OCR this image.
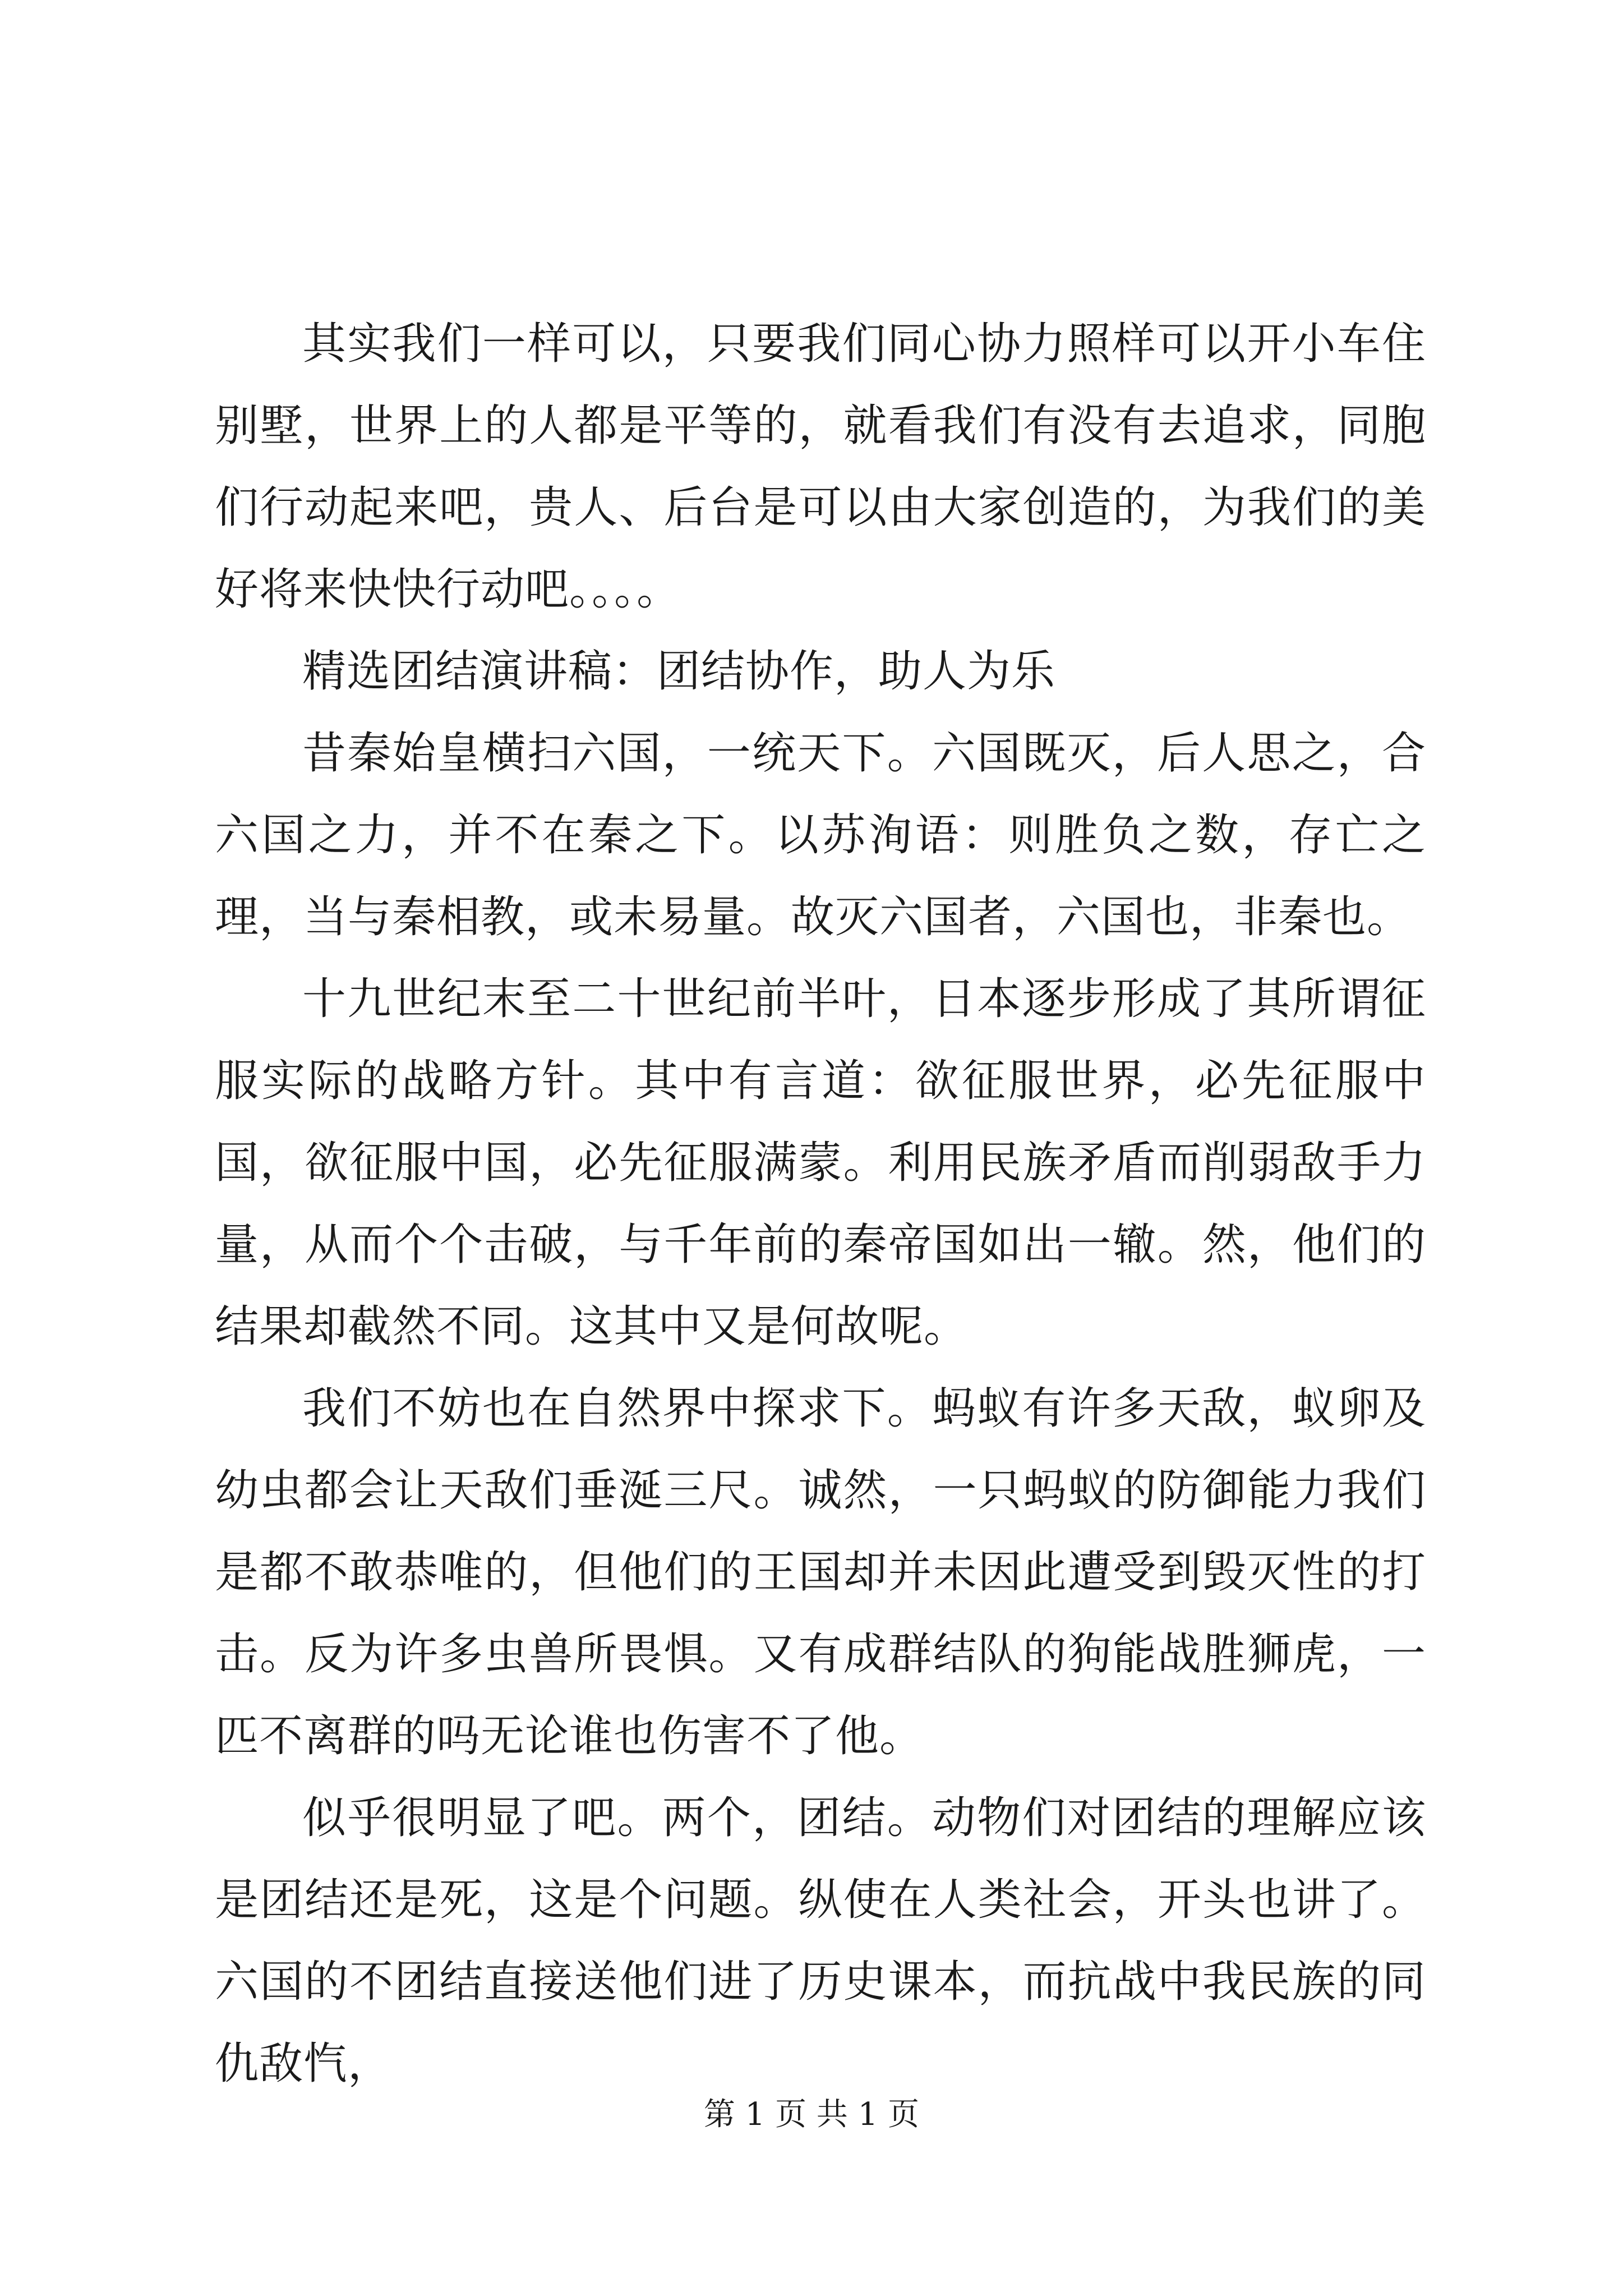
其实我们一样可以，只要我们同心协力照样可以开小车住别墅，世界上的人都是平等的，就看我们有没有去追求，同胞们行动起来吧，贵人、后台是可以由大家创造的，为我们的美好将来快快行动吧。。。。

精选团结演讲稿：团结协作，助人为乐

昔秦始皇横扫六国，一统天下。六国既灭，后人思之，合六国之力，并不在秦之下。以苏洵语：则胜负之数，存亡之理，当与秦相教，或未易量。故灭六国者，六国也，非秦也。

十九世纪末至二十世纪前半叶，日本逐步形成了其所谓征服实际的战略方针。其中有言道：欲征服世界，必先征服中国，欲征服中国，必先征服满蒙。利用民族矛盾而削弱敌手力量，从而个个击破，与千年前的秦帝国如出一辙。然，他们的结果却截然不同。这其中又是何故呢。

我们不妨也在自然界中探求下。蚂蚁有许多天敌，蚁卵及幼虫都会让天敌们垂涎三尺。诚然，一只蚂蚁的防御能力我们是都不敢恭唯的，但他们的王国却并未因此遭受到毁灭性的打击。反为许多虫兽所畏惧。又有成群结队的狗能战胜狮虎，一匹不离群的吗无论谁也伤害不了他。

似乎很明显了吧。两个，团结。动物们对团结的理解应该是团结还是死，这是个问题。纵使在人类社会，开头也讲了。六国的不团结直接送他们进了历史课本，而抗战中我民族的同仇敌忾，

第 1 页 共 1 页
